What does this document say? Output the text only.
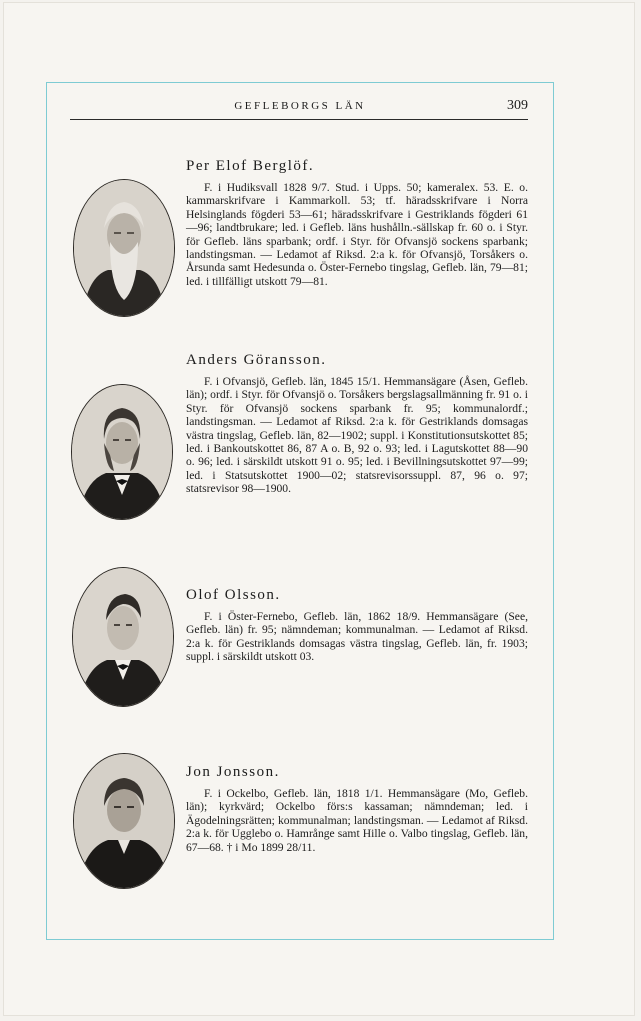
GEFLEBORGS LÄN	309
Per Elof Berglöf.

F. i Hudiksvall 1828 9/7. Stud. i Upps. 50; kameralex. 53. E. o. kammarskrifvare i Kammarkoll. 53; tf. häradsskrifvare i Norra Helsinglands fögderi 53—61; häradsskrifvare i Gestriklands fögderi 61—96; landtbrukare; led. i Gefleb. läns hushålln.-sällskap fr. 60 o. i Styr. för Gefleb. läns sparbank; ordf. i Styr. för Ofvansjö sockens sparbank; landstingsman. — Ledamot af Riksd. 2:a k. för Ofvansjö, Torsåkers o. Årsunda samt Hedesunda o. Öster-Fernebo tingslag, Gefleb. län, 79—81; led. i tillfälligt utskott 79—81.

Anders Göransson.

F. i Ofvansjö, Gefleb. län, 1845 15/1. Hemmansägare (Åsen, Gefleb. län); ordf. i Styr. för Ofvansjö o. Torsåkers bergslagsallmänning fr. 91 o. i Styr. för Ofvansjö sockens sparbank fr. 95; kommunalordf.; landstingsman. — Ledamot af Riksd. 2:a k. för Gestriklands domsagas västra tingslag, Gefleb. län, 82—1902; suppl. i Konstitutionsutskottet 85; led. i Bankoutskottet 86, 87 A o. B, 92 o. 93; led. i Lagutskottet 88—90 o. 96; led. i särskildt utskott 91 o. 95; led. i Bevillningsutskottet 97—99; led. i Statsutskottet 1900—02; statsrevisorssuppl. 87, 96 o. 97; statsrevisor 98—1900.

Olof Olsson.

F. i Öster-Fernebo, Gefleb. län, 1862 18/9. Hemmansägare (See, Gefleb. län) fr. 95; nämndeman; kommunalman. — Ledamot af Riksd. 2:a k. för Gestriklands domsagas västra tingslag, Gefleb. län, fr. 1903; suppl. i särskildt utskott 03.

Jon Jonsson.

F. i Ockelbo, Gefleb. län, 1818 1/1. Hemmansägare (Mo, Gefleb. län); kyrkvärd; Ockelbo förs:s kassaman; nämndeman; led. i Ägodelningsrätten; kommunalman; landstingsman. — Ledamot af Riksd. 2:a k. för Ugglebo o. Hamrånge samt Hille o. Valbo tingslag, Gefleb. län, 67—68. † i Mo 1899 28/11.
